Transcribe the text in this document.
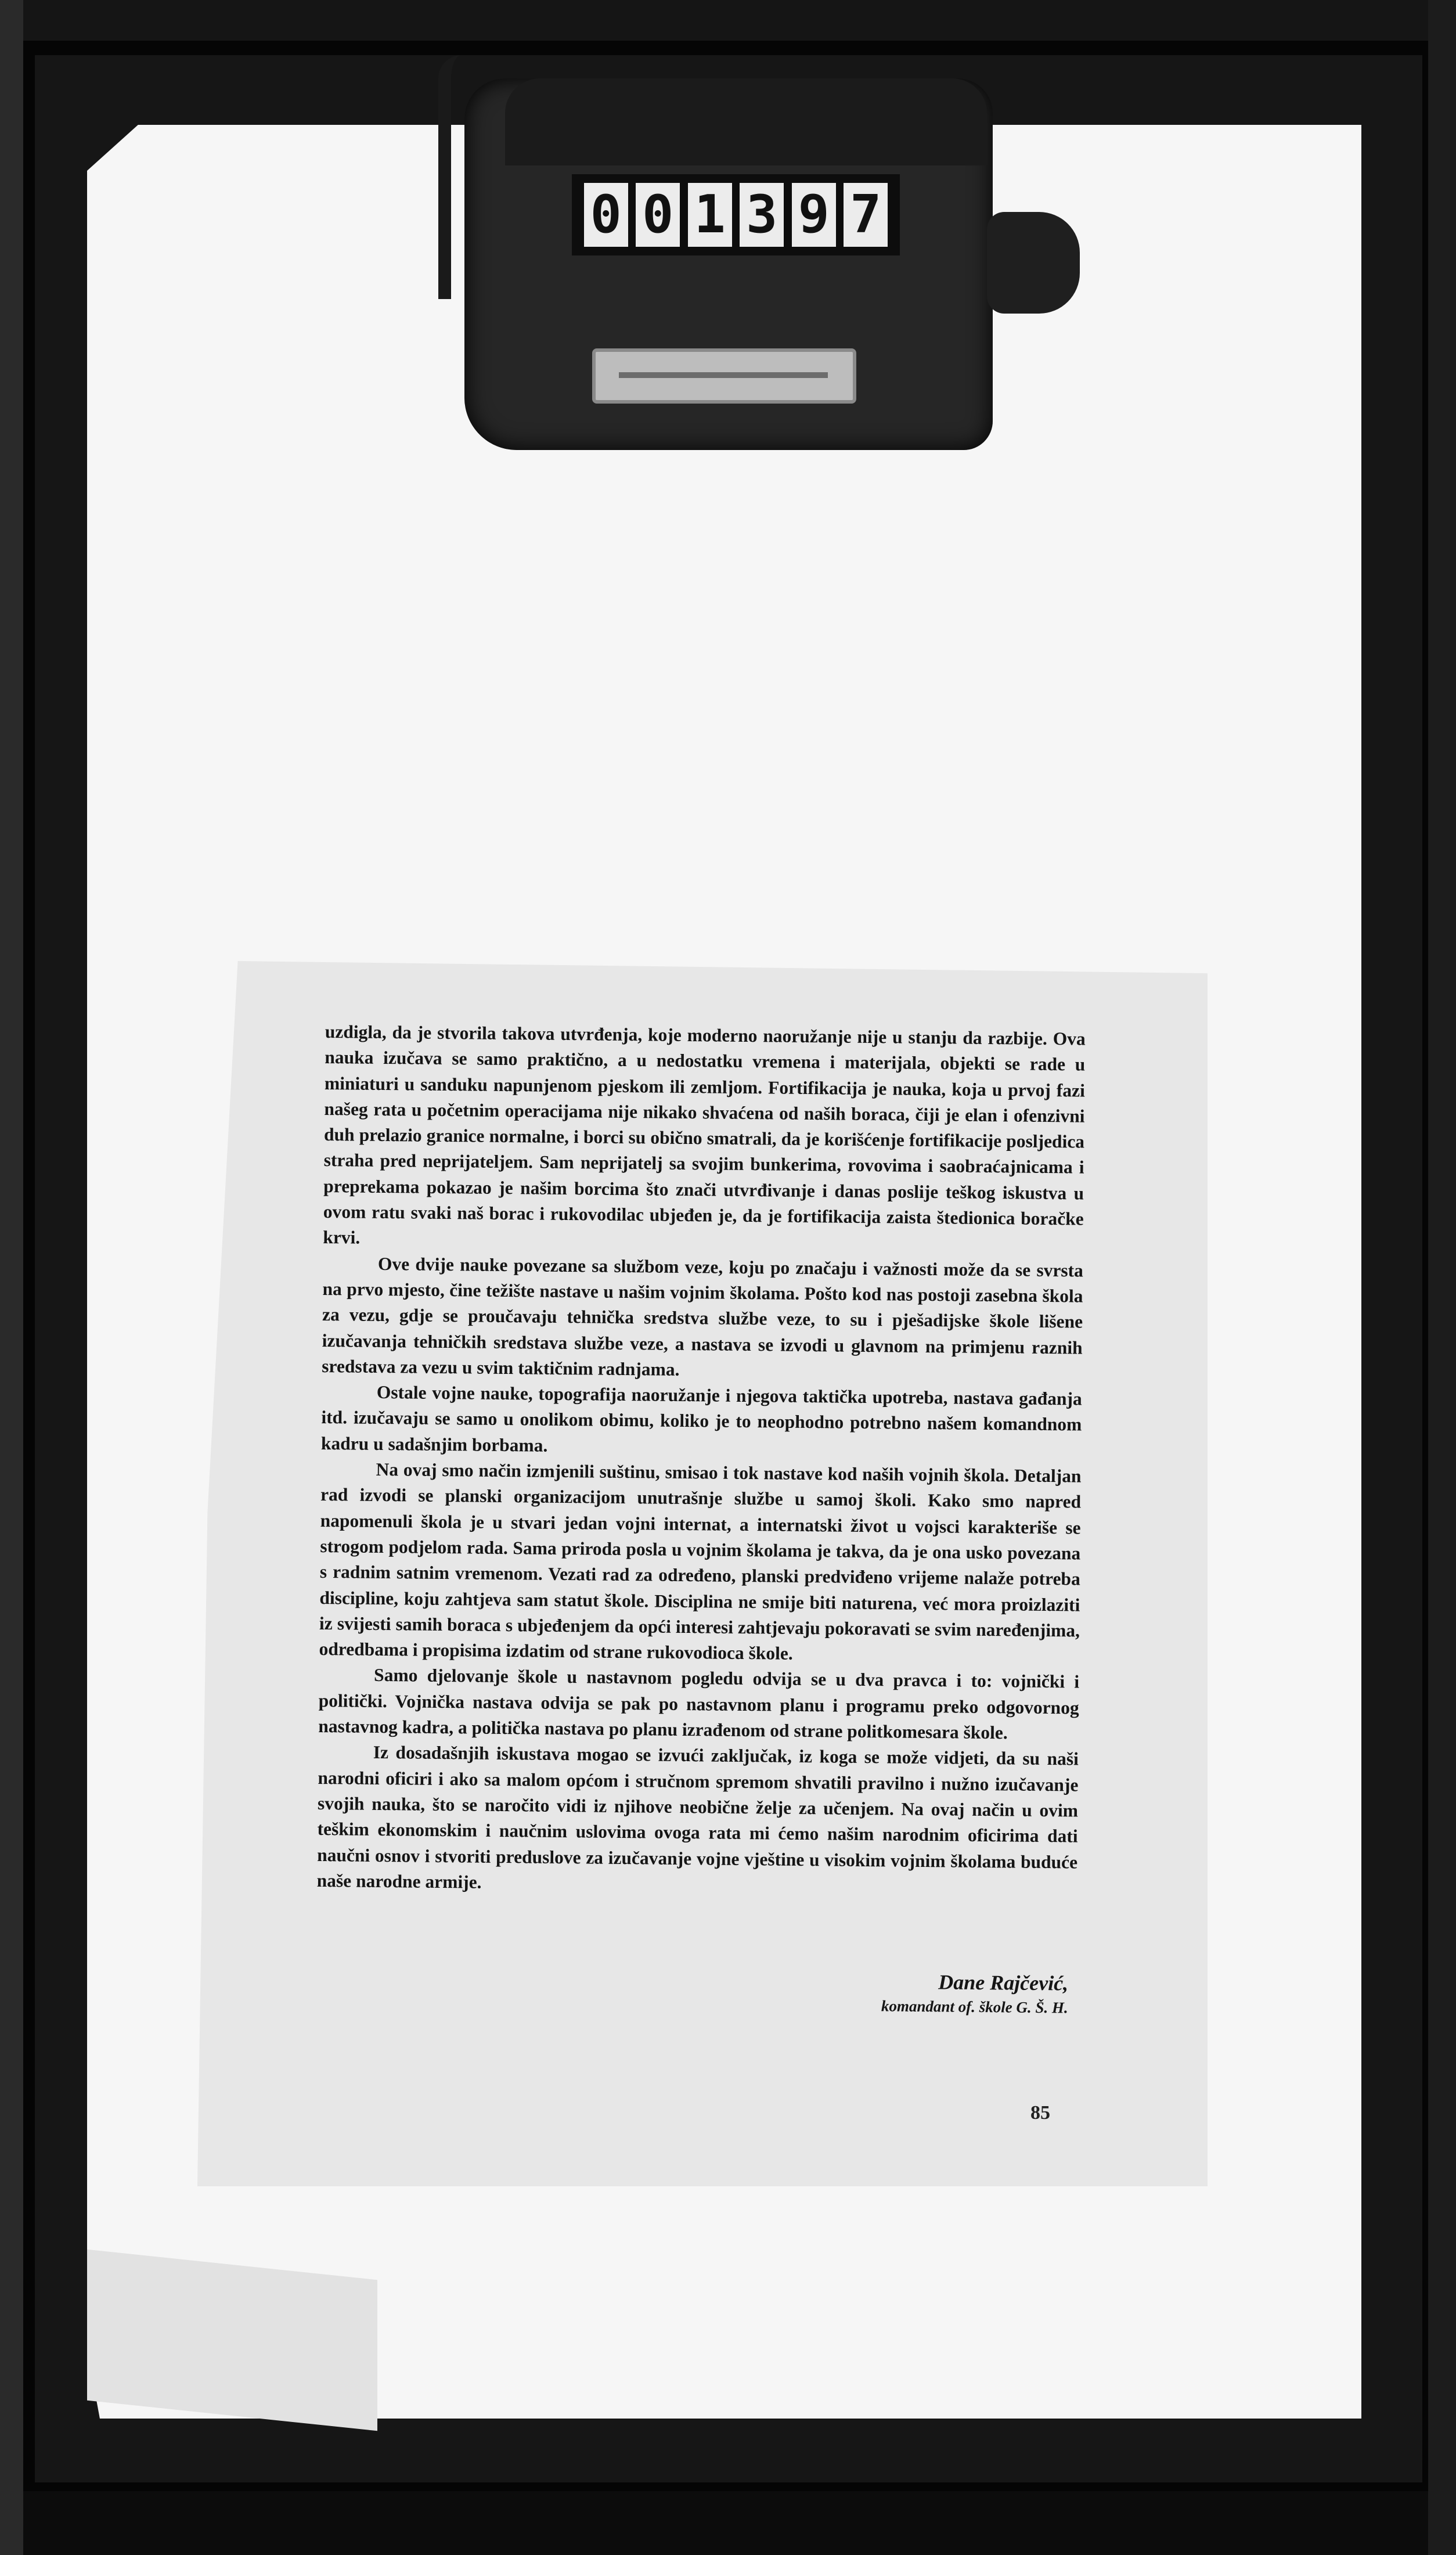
0 0 1 3 9 7

uzdigla, da je stvorila takova utvrđenja, koje moderno naoružanje nije u stanju da razbije. Ova nauka izučava se samo praktično, a u nedostatku vremena i materijala, objekti se rade u miniaturi u sanduku napunjenom pjeskom ili zemljom. Fortifikacija je nauka, koja u prvoj fazi našeg rata u početnim operacijama nije nikako shvaćena od naših boraca, čiji je elan i ofenzivni duh prelazio granice normalne, i borci su obično smatrali, da je korišćenje fortifikacije posljedica straha pred neprijateljem. Sam neprijatelj sa svojim bunkerima, rovovima i saobraćajnicama i preprekama pokazao je našim borcima što znači utvrđivanje i danas poslije teškog iskustva u ovom ratu svaki naš borac i rukovodilac ubjeđen je, da je fortifikacija zaista štedionica boračke krvi.

Ove dvije nauke povezane sa službom veze, koju po značaju i važnosti može da se svrsta na prvo mjesto, čine težište nastave u našim vojnim školama. Pošto kod nas postoji zasebna škola za vezu, gdje se proučavaju tehnička sredstva službe veze, to su i pješadijske škole lišene izučavanja tehničkih sredstava službe veze, a nastava se izvodi u glavnom na primjenu raznih sredstava za vezu u svim taktičnim radnjama.

Ostale vojne nauke, topografija naoružanje i njegova taktička upotreba, nastava gađanja itd. izučavaju se samo u onolikom obimu, koliko je to neophodno potrebno našem komandnom kadru u sadašnjim borbama.

Na ovaj smo način izmjenili suštinu, smisao i tok nastave kod naših vojnih škola. Detaljan rad izvodi se planski organizacijom unutrašnje službe u samoj školi. Kako smo napred napomenuli škola je u stvari jedan vojni internat, a internatski život u vojsci karakteriše se strogom podjelom rada. Sama priroda posla u vojnim školama je takva, da je ona usko povezana s radnim satnim vremenom. Vezati rad za određeno, planski predviđeno vrijeme nalaže potreba discipline, koju zahtjeva sam statut škole. Disciplina ne smije biti naturena, već mora proizlaziti iz svijesti samih boraca s ubjeđenjem da opći interesi zahtjevaju pokoravati se svim naređenjima, odredbama i propisima izdatim od strane rukovodioca škole.

Samo djelovanje škole u nastavnom pogledu odvija se u dva pravca i to: vojnički i politički. Vojnička nastava odvija se pak po nastavnom planu i programu preko odgovornog nastavnog kadra, a politička nastava po planu izrađenom od strane politkomesara škole.

Iz dosadašnjih iskustava mogao se izvući zaključak, iz koga se može vidjeti, da su naši narodni oficiri i ako sa malom općom i stručnom spremom shvatili pravilno i nužno izučavanje svojih nauka, što se naročito vidi iz njihove neobične želje za učenjem. Na ovaj način u ovim teškim ekonomskim i naučnim uslovima ovoga rata mi ćemo našim narodnim oficirima dati naučni osnov i stvoriti preduslove za izučavanje vojne vještine u visokim vojnim školama buduće naše narodne armije.

Dane Rajčević,
komandant of. škole G. Š. H.
85
